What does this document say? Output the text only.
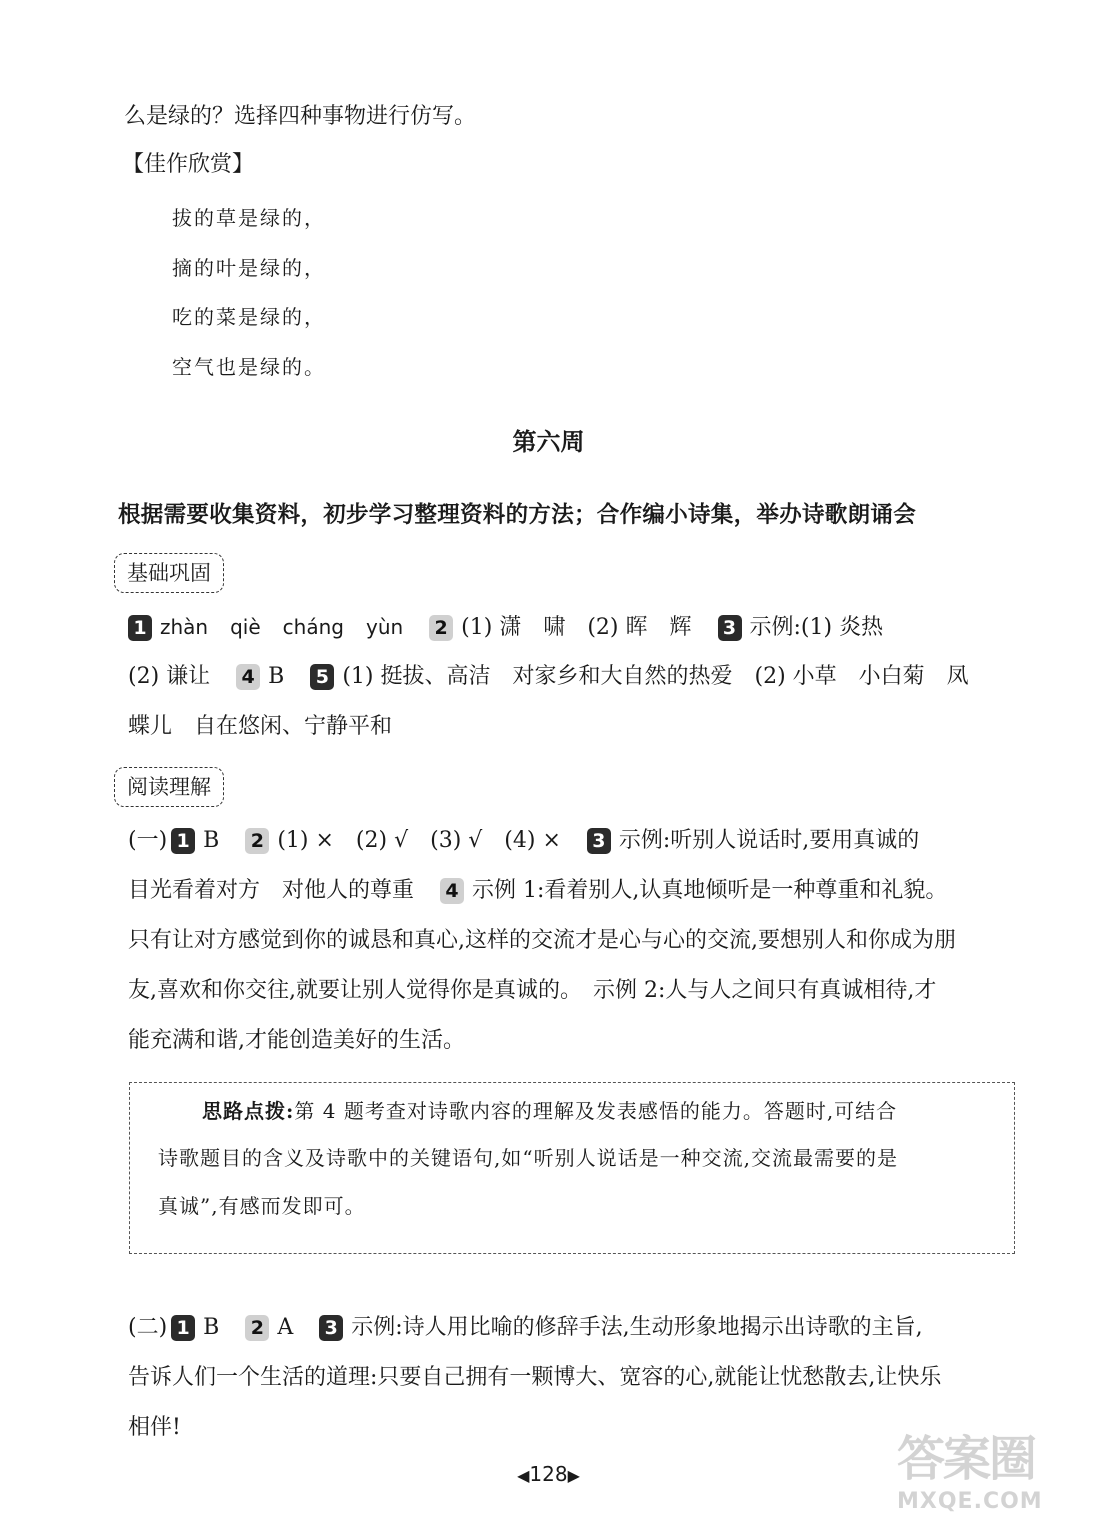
么是绿的？选择四种事物进行仿写。
【佳作欣赏】
拔的草是绿的，
摘的叶是绿的，
吃的菜是绿的，
空气也是绿的。
第六周
根据需要收集资料，初步学习整理资料的方法；合作编小诗集，举办诗歌朗诵会
基础巩固
1 zhàn qiè cháng yùn 2 (1) 潇　啸　(2) 晖　辉 3 示例:(1) 炎热
(2) 谦让 4 B 5 (1) 挺拔、高洁　对家乡和大自然的热爱　(2) 小草　小白菊　凤
蝶儿　自在悠闲、宁静平和
阅读理解
(一) 1 B 2 (1) ×　(2) √　(3) √　(4) × 3 示例:听别人说话时,要用真诚的
目光看着对方　对他人的尊重 4 示例 1:看着别人,认真地倾听是一种尊重和礼貌。
只有让对方感觉到你的诚恳和真心,这样的交流才是心与心的交流,要想别人和你成为朋
友,喜欢和你交往,就要让别人觉得你是真诚的。　示例 2:人与人之间只有真诚相待,才
能充满和谐,才能创造美好的生活。
思路点拨:第 4 题考查对诗歌内容的理解及发表感悟的能力。答题时,可结合
诗歌题目的含义及诗歌中的关键语句,如“听别人说话是一种交流,交流最需要的是
真诚”,有感而发即可。
(二) 1 B 2 A 3 示例:诗人用比喻的修辞手法,生动形象地揭示出诗歌的主旨,
告诉人们一个生活的道理:只要自己拥有一颗博大、宽容的心,就能让忧愁散去,让快乐
相伴!
◀128▶	答案圈
MXQE.COM
